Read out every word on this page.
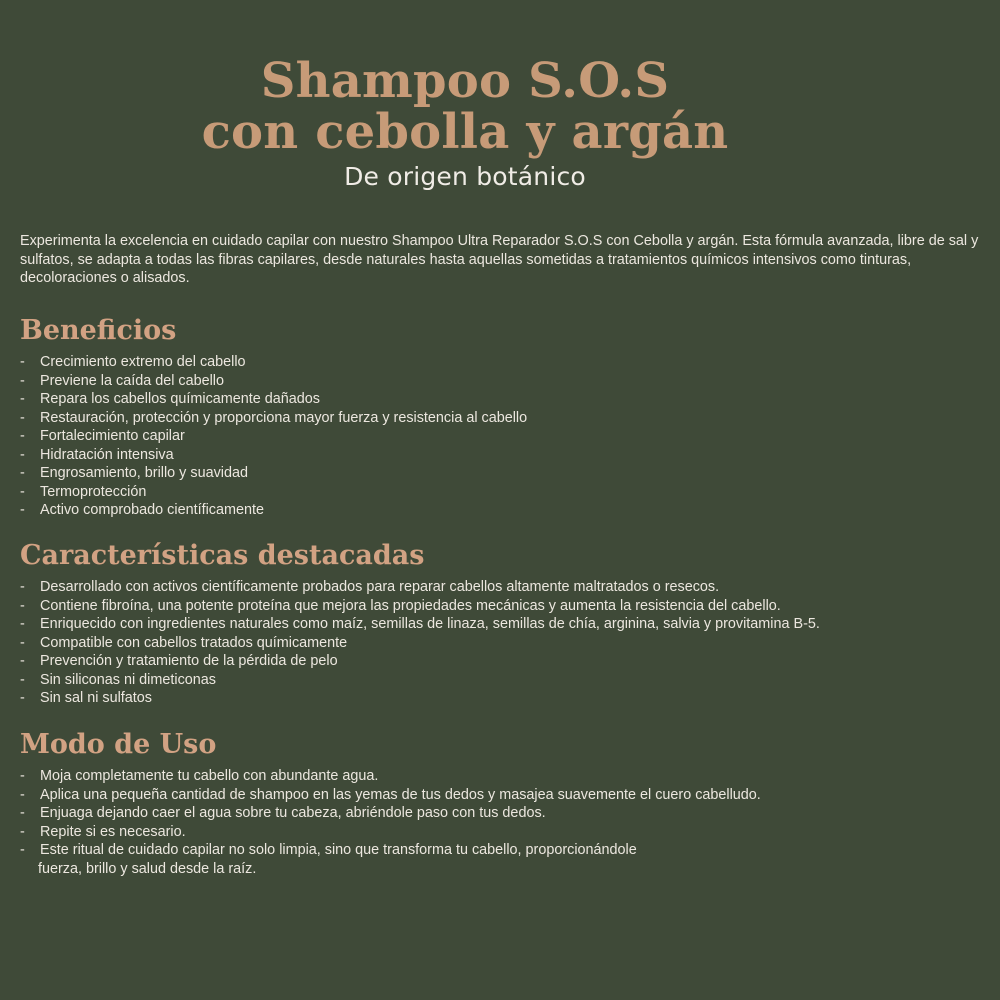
Shampoo S.O.S
con cebolla y argán

De origen botánico

Experimenta la excelencia en cuidado capilar con nuestro Shampoo Ultra Reparador S.O.S con Cebolla y argán. Esta fórmula avanzada, libre de sal y sulfatos, se adapta a todas las fibras capilares, desde naturales hasta aquellas sometidas a tratamientos químicos intensivos como tinturas, decoloraciones o alisados.

Beneficios
- Crecimiento extremo del cabello
- Previene la caída del cabello
- Repara los cabellos químicamente dañados
- Restauración, protección y proporciona mayor fuerza y resistencia al cabello
- Fortalecimiento capilar
- Hidratación intensiva
- Engrosamiento, brillo y suavidad
- Termoprotección
- Activo comprobado científicamente
Características destacadas
- Desarrollado con activos científicamente probados para reparar cabellos altamente maltratados o resecos.
- Contiene fibroína, una potente proteína que mejora las propiedades mecánicas y aumenta la resistencia del cabello.
- Enriquecido con ingredientes naturales como maíz, semillas de linaza, semillas de chía, arginina, salvia y provitamina B-5.
- Compatible con cabellos tratados químicamente
- Prevención y tratamiento de la pérdida de pelo
- Sin siliconas ni dimeticonas
- Sin sal ni sulfatos
Modo de Uso
- Moja completamente tu cabello con abundante agua.
- Aplica una pequeña cantidad de shampoo en las yemas de tus dedos y masajea suavemente el cuero cabelludo.
- Enjuaga dejando caer el agua sobre tu cabeza, abriéndole paso con tus dedos.
- Repite si es necesario.
- Este ritual de cuidado capilar no solo limpia, sino que transforma tu cabello, proporcionándole
fuerza, brillo y salud desde la raíz.
